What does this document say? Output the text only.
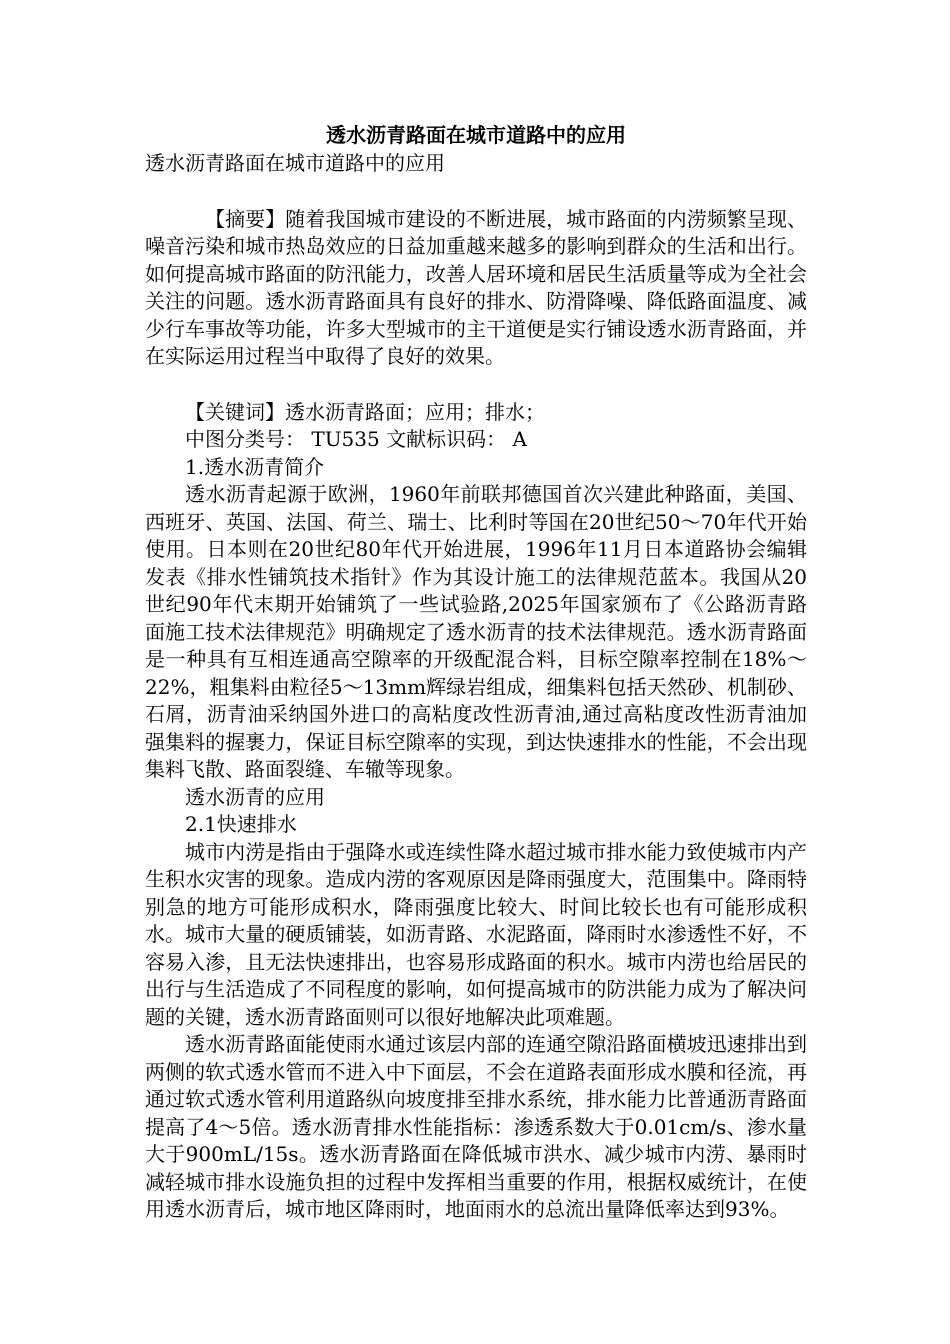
透水沥青路面在城市道路中的应用

透水沥青路面在城市道路中的应用

【摘要】随着我国城市建设的不断进展，城市路面的内涝频繁呈现、噪音污染和城市热岛效应的日益加重越来越多的影响到群众的生活和出行。如何提高城市路面的防汛能力，改善人居环境和居民生活质量等成为全社会关注的问题。透水沥青路面具有良好的排水、防滑降噪、降低路面温度、减少行车事故等功能，许多大型城市的主干道便是实行铺设透水沥青路面，并在实际运用过程当中取得了良好的效果。

【关键词】透水沥青路面；应用；排水；

中图分类号： TU535 文献标识码： A

1.透水沥青简介

透水沥青起源于欧洲，1960年前联邦德国首次兴建此种路面，美国、西班牙、英国、法国、荷兰、瑞士、比利时等国在20世纪50～70年代开始使用。日本则在20世纪80年代开始进展，1996年11月日本道路协会编辑发表《排水性铺筑技术指针》作为其设计施工的法律规范蓝本。我国从20世纪90年代末期开始铺筑了一些试验路,2025年国家颁布了《公路沥青路面施工技术法律规范》明确规定了透水沥青的技术法律规范。透水沥青路面是一种具有互相连通高空隙率的开级配混合料，目标空隙率控制在18%～22%，粗集料由粒径5～13mm辉绿岩组成，细集料包括天然砂、机制砂、石屑，沥青油采纳国外进口的高粘度改性沥青油,通过高粘度改性沥青油加强集料的握裹力，保证目标空隙率的实现，到达快速排水的性能，不会出现集料飞散、路面裂缝、车辙等现象。

透水沥青的应用

2.1快速排水

城市内涝是指由于强降水或连续性降水超过城市排水能力致使城市内产生积水灾害的现象。造成内涝的客观原因是降雨强度大，范围集中。降雨特别急的地方可能形成积水，降雨强度比较大、时间比较长也有可能形成积水。城市大量的硬质铺装，如沥青路、水泥路面，降雨时水渗透性不好，不容易入渗，且无法快速排出，也容易形成路面的积水。城市内涝也给居民的出行与生活造成了不同程度的影响，如何提高城市的防洪能力成为了解决问题的关键，透水沥青路面则可以很好地解决此项难题。

透水沥青路面能使雨水通过该层内部的连通空隙沿路面横坡迅速排出到两侧的软式透水管而不进入中下面层，不会在道路表面形成水膜和径流，再通过软式透水管利用道路纵向坡度排至排水系统，排水能力比普通沥青路面提高了4～5倍。透水沥青排水性能指标：渗透系数大于0.01cm/s、渗水量大于900mL/15s。透水沥青路面在降低城市洪水、减少城市内涝、暴雨时减轻城市排水设施负担的过程中发挥相当重要的作用，根据权威统计，在使用透水沥青后，城市地区降雨时，地面雨水的总流出量降低率达到93%。
